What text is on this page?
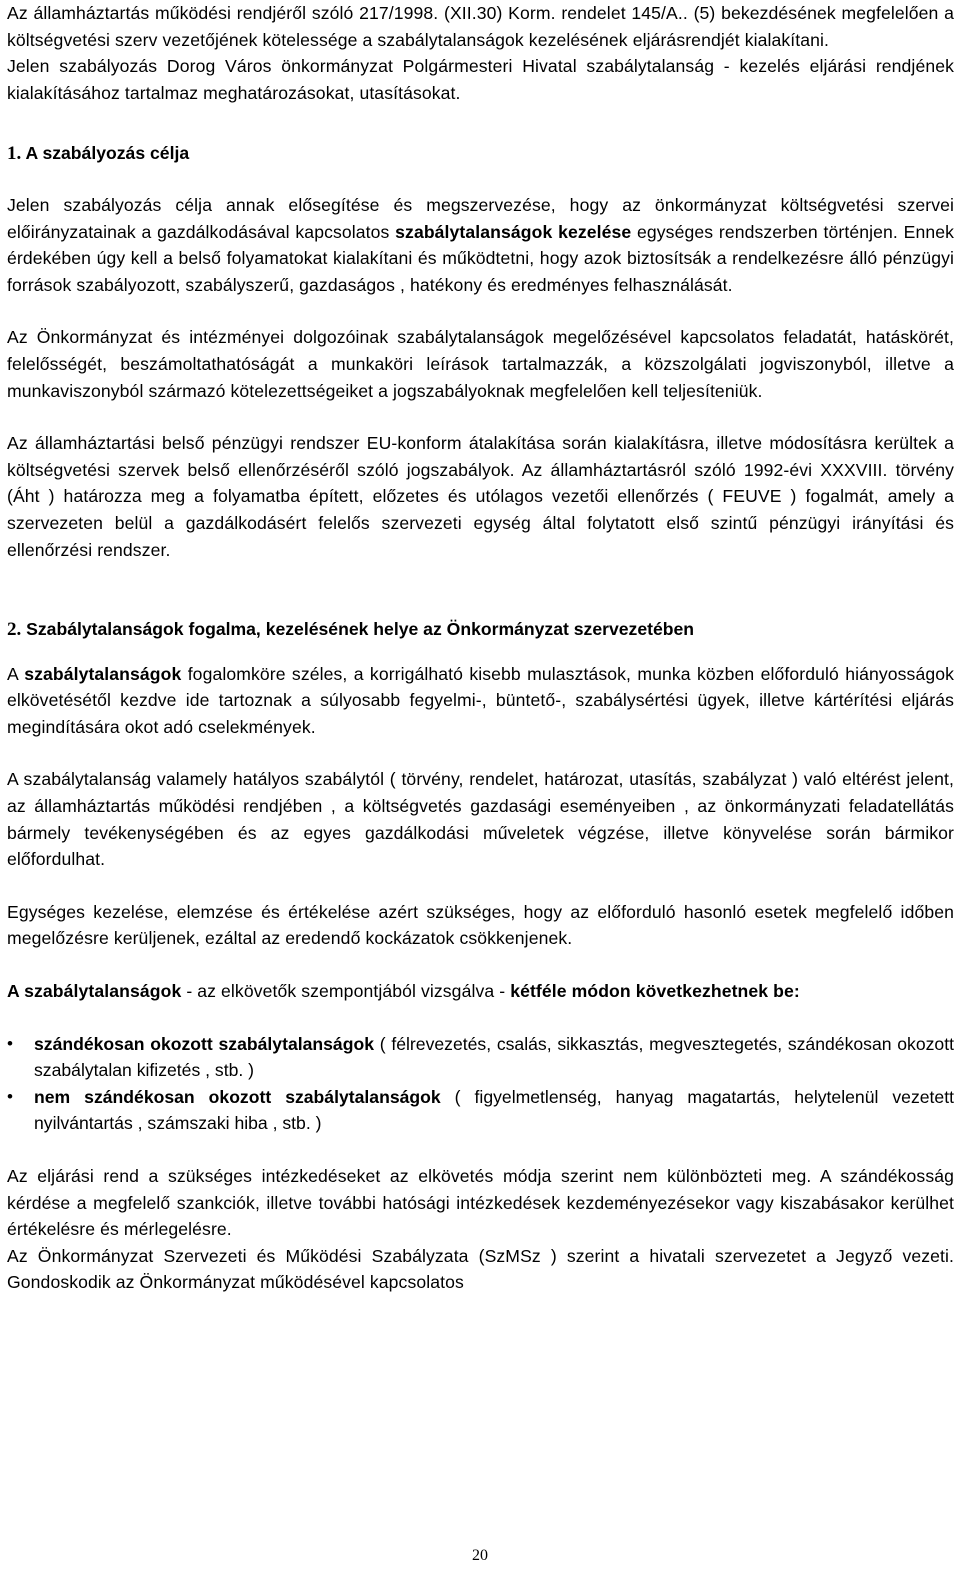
Az államháztartás működési rendjéről szóló 217/1998. (XII.30) Korm. rendelet 145/A.. (5) bekezdésének megfelelően a költségvetési szerv vezetőjének kötelessége a szabálytalanságok kezelésének eljárásrendjét kialakítani.

Jelen szabályozás Dorog Város önkormányzat Polgármesteri Hivatal szabálytalanság - kezelés eljárási rendjének kialakításához tartalmaz meghatározásokat, utasításokat.

1. A szabályozás célja

Jelen szabályozás célja annak elősegítése és megszervezése, hogy az önkormányzat költségvetési szervei előirányzatainak a gazdálkodásával kapcsolatos szabálytalanságok kezelése egységes rendszerben történjen. Ennek érdekében úgy kell a belső folyamatokat kialakítani és működtetni, hogy azok biztosítsák a rendelkezésre álló pénzügyi források szabályozott, szabályszerű, gazdaságos , hatékony és eredményes felhasználását.

Az Önkormányzat és intézményei dolgozóinak szabálytalanságok megelőzésével kapcsolatos feladatát, hatáskörét, felelősségét, beszámoltathatóságát a munkaköri leírások tartalmazzák, a közszolgálati jogviszonyból, illetve a munkaviszonyból származó kötelezettségeiket a jogszabályoknak megfelelően kell teljesíteniük.

Az államháztartási belső pénzügyi rendszer EU-konform átalakítása során kialakításra, illetve módosításra kerültek a költségvetési szervek belső ellenőrzéséről szóló jogszabályok. Az államháztartásról szóló 1992-évi XXXVIII. törvény (Áht ) határozza meg a folyamatba épített, előzetes és utólagos vezetői ellenőrzés ( FEUVE ) fogalmát, amely a szervezeten belül a gazdálkodásért felelős szervezeti egység által folytatott első szintű pénzügyi irányítási és ellenőrzési rendszer.

2. Szabálytalanságok fogalma, kezelésének helye az Önkormányzat szervezetében

A szabálytalanságok fogalomköre széles, a korrigálható kisebb mulasztások, munka közben előforduló hiányosságok elkövetésétől kezdve ide tartoznak a súlyosabb fegyelmi-, büntető-, szabálysértési ügyek, illetve kártérítési eljárás megindítására okot adó cselekmények.

A szabálytalanság valamely hatályos szabálytól ( törvény, rendelet, határozat, utasítás, szabályzat ) való eltérést jelent, az államháztartás működési rendjében , a költségvetés gazdasági eseményeiben , az önkormányzati feladatellátás bármely tevékenységében és az egyes gazdálkodási műveletek végzése, illetve könyvelése során bármikor előfordulhat.

Egységes kezelése, elemzése és értékelése azért szükséges, hogy az előforduló hasonló esetek megfelelő időben megelőzésre kerüljenek, ezáltal az eredendő kockázatok csökkenjenek.

A szabálytalanságok - az elkövetők szempontjából vizsgálva - kétféle módon következhetnek be:

• szándékosan okozott szabálytalanságok ( félrevezetés, csalás, sikkasztás, megvesztegetés, szándékosan okozott szabálytalan kifizetés , stb. )
• nem szándékosan okozott szabálytalanságok ( figyelmetlenség, hanyag magatartás, helytelenül vezetett nyilvántartás , számszaki hiba , stb. )

Az eljárási rend a szükséges intézkedéseket az elkövetés módja szerint nem különbözteti meg. A szándékosság kérdése a megfelelő szankciók, illetve további hatósági intézkedések kezdeményezésekor vagy kiszabásakor kerülhet értékelésre és mérlegelésre.

Az Önkormányzat Szervezeti és Működési Szabályzata (SzMSz ) szerint a hivatali szervezetet a Jegyző vezeti. Gondoskodik az Önkormányzat működésével kapcsolatos

20
